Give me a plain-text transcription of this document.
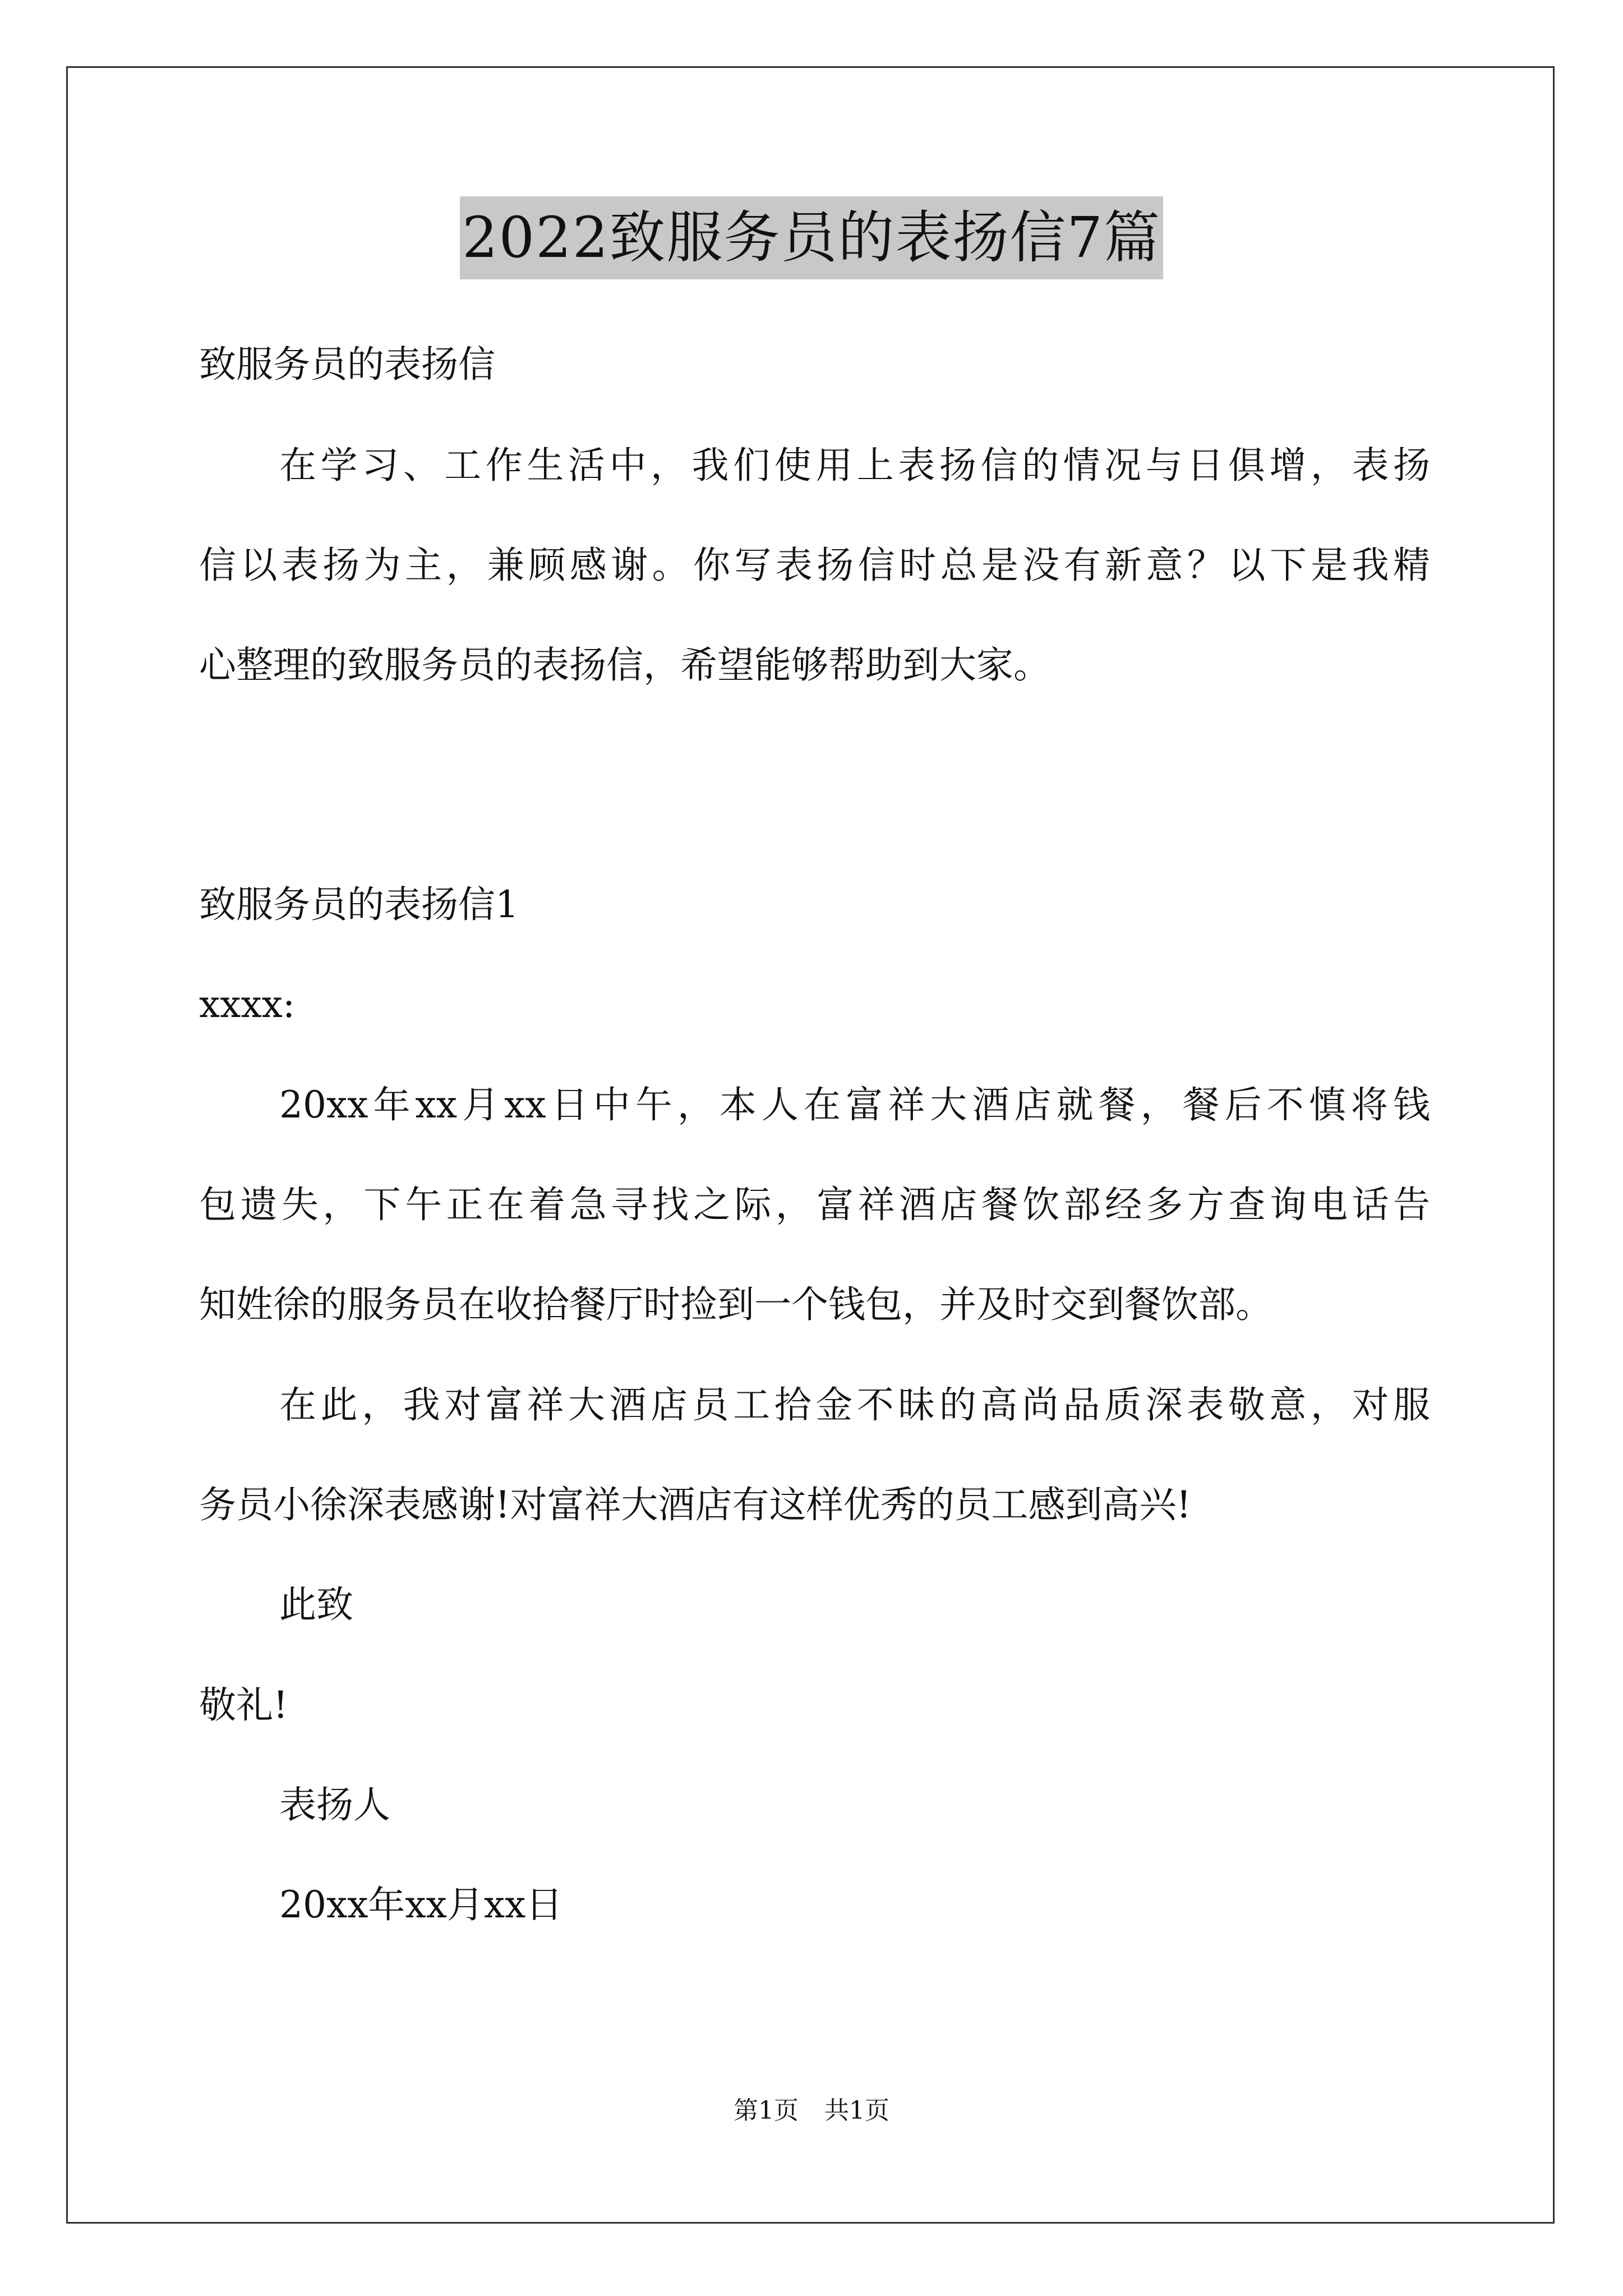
2022致服务员的表扬信7篇
致服务员的表扬信
在学习、工作生活中，我们使用上表扬信的情况与日俱增，表扬
信以表扬为主，兼顾感谢。你写表扬信时总是没有新意？以下是我精
心整理的致服务员的表扬信，希望能够帮助到大家。
致服务员的表扬信1
xxxx:
20xx年xx月xx日中午，本人在富祥大酒店就餐，餐后不慎将钱
包遗失，下午正在着急寻找之际，富祥酒店餐饮部经多方查询电话告
知姓徐的服务员在收拾餐厅时捡到一个钱包，并及时交到餐饮部。
在此，我对富祥大酒店员工拾金不昧的高尚品质深表敬意，对服
务员小徐深表感谢!对富祥大酒店有这样优秀的员工感到高兴!
此致
敬礼!
表扬人
20xx年xx月xx日
第1页 共1页
